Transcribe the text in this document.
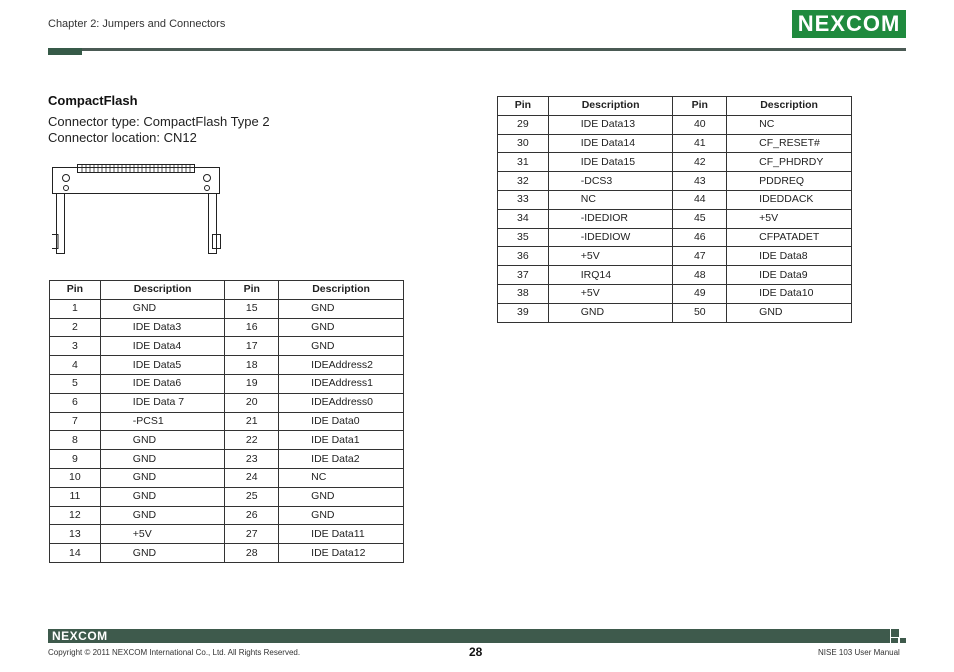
Chapter 2: Jumpers and Connectors	NEXCOM
CompactFlash
Connector type: CompactFlash Type 2
Connector location: CN12
Pin	Description	Pin	Description
1	GND	15	GND
2	IDE Data3	16	GND
3	IDE Data4	17	GND
4	IDE Data5	18	IDEAddress2
5	IDE Data6	19	IDEAddress1
6	IDE Data 7	20	IDEAddress0
7	-PCS1	21	IDE Data0
8	GND	22	IDE Data1
9	GND	23	IDE Data2
10	GND	24	NC
11	GND	25	GND
12	GND	26	GND
13	+5V	27	IDE Data11
14	GND	28	IDE Data12
Pin	Description	Pin	Description
29	IDE Data13	40	NC
30	IDE Data14	41	CF_RESET#
31	IDE Data15	42	CF_PHDRDY
32	-DCS3	43	PDDREQ
33	NC	44	IDEDDACK
34	-IDEDIOR	45	+5V
35	-IDEDIOW	46	CFPATADET
36	+5V	47	IDE Data8
37	IRQ14	48	IDE Data9
38	+5V	49	IDE Data10
39	GND	50	GND
NEXCOM
Copyright © 2011 NEXCOM International Co., Ltd. All Rights Reserved.	28	NISE 103 User Manual
